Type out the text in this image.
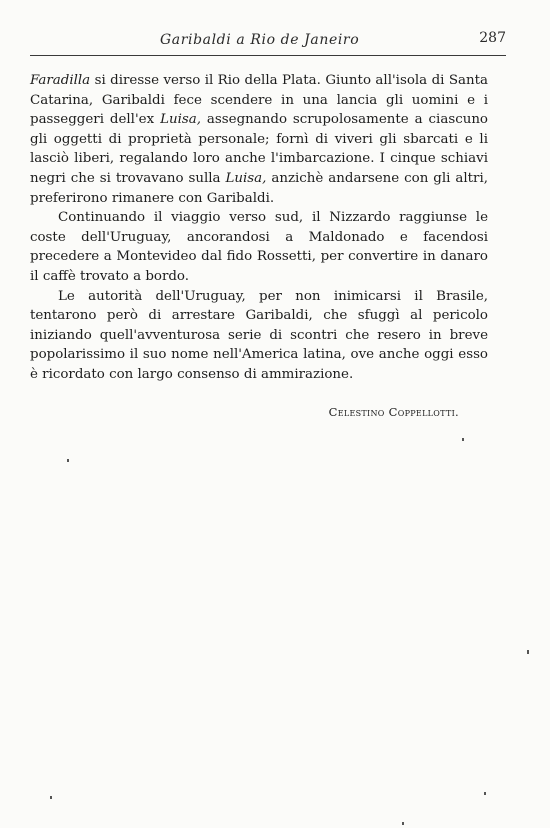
Garibaldi a Rio de Janeiro	287

Faradilla si diresse verso il Rio della Plata. Giunto all'isola di Santa Catarina, Garibaldi fece scendere in una lancia gli uomini e i passeggeri dell'ex Luisa, assegnando scrupolosamente a ciascuno gli oggetti di proprietà personale; fornì di viveri gli sbarcati e li lasciò liberi, regalando loro anche l'imbarcazione. I cinque schiavi negri che si trovavano sulla Luisa, anzichè andarsene con gli altri, preferirono rimanere con Garibaldi.

Continuando il viaggio verso sud, il Nizzardo raggiunse le coste dell'Uruguay, ancorandosi a Maldonado e facendosi precedere a Montevideo dal fido Rossetti, per convertire in danaro il caffè trovato a bordo.

Le autorità dell'Uruguay, per non inimicarsi il Brasile, tentarono però di arrestare Garibaldi, che sfuggì al pericolo iniziando quell'avventurosa serie di scontri che resero in breve popolarissimo il suo nome nell'America latina, ove anche oggi esso è ricordato con largo consenso di ammirazione.

Celestino Coppellotti.
